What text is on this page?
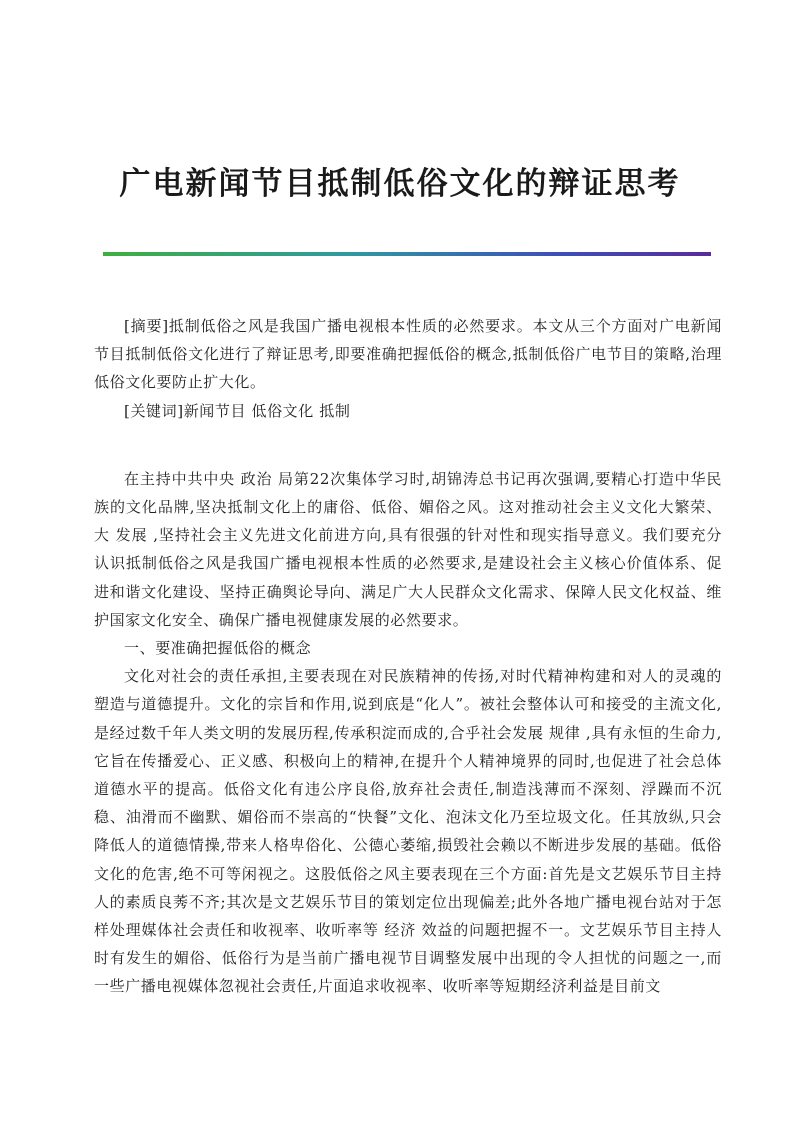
广电新闻节目抵制低俗文化的辩证思考

[摘要]抵制低俗之风是我国广播电视根本性质的必然要求。本文从三个方面对广电新闻节目抵制低俗文化进行了辩证思考,即要准确把握低俗的概念,抵制低俗广电节目的策略,治理低俗文化要防止扩大化。

[关键词]新闻节目 低俗文化 抵制

在主持中共中央 政治 局第22次集体学习时,胡锦涛总书记再次强调,要精心打造中华民族的文化品牌,坚决抵制文化上的庸俗、低俗、媚俗之风。这对推动社会主义文化大繁荣、大 发展 ,坚持社会主义先进文化前进方向,具有很强的针对性和现实指导意义。我们要充分认识抵制低俗之风是我国广播电视根本性质的必然要求,是建设社会主义核心价值体系、促进和谐文化建设、坚持正确舆论导向、满足广大人民群众文化需求、保障人民文化权益、维护国家文化安全、确保广播电视健康发展的必然要求。

一、要准确把握低俗的概念

文化对社会的责任承担,主要表现在对民族精神的传扬,对时代精神构建和对人的灵魂的塑造与道德提升。文化的宗旨和作用,说到底是“化人”。被社会整体认可和接受的主流文化,是经过数千年人类文明的发展历程,传承积淀而成的,合乎社会发展 规律 ,具有永恒的生命力,它旨在传播爱心、正义感、积极向上的精神,在提升个人精神境界的同时,也促进了社会总体道德水平的提高。低俗文化有违公序良俗,放弃社会责任,制造浅薄而不深刻、浮躁而不沉稳、油滑而不幽默、媚俗而不崇高的“快餐”文化、泡沫文化乃至垃圾文化。任其放纵,只会降低人的道德情操,带来人格卑俗化、公德心萎缩,损毁社会赖以不断进步发展的基础。低俗文化的危害,绝不可等闲视之。这股低俗之风主要表现在三个方面:首先是文艺娱乐节目主持人的素质良莠不齐;其次是文艺娱乐节目的策划定位出现偏差;此外各地广播电视台站对于怎样处理媒体社会责任和收视率、收听率等 经济 效益的问题把握不一。文艺娱乐节目主持人时有发生的媚俗、低俗行为是当前广播电视节目调整发展中出现的令人担忧的问题之一,而一些广播电视媒体忽视社会责任,片面追求收视率、收听率等短期经济利益是目前文
